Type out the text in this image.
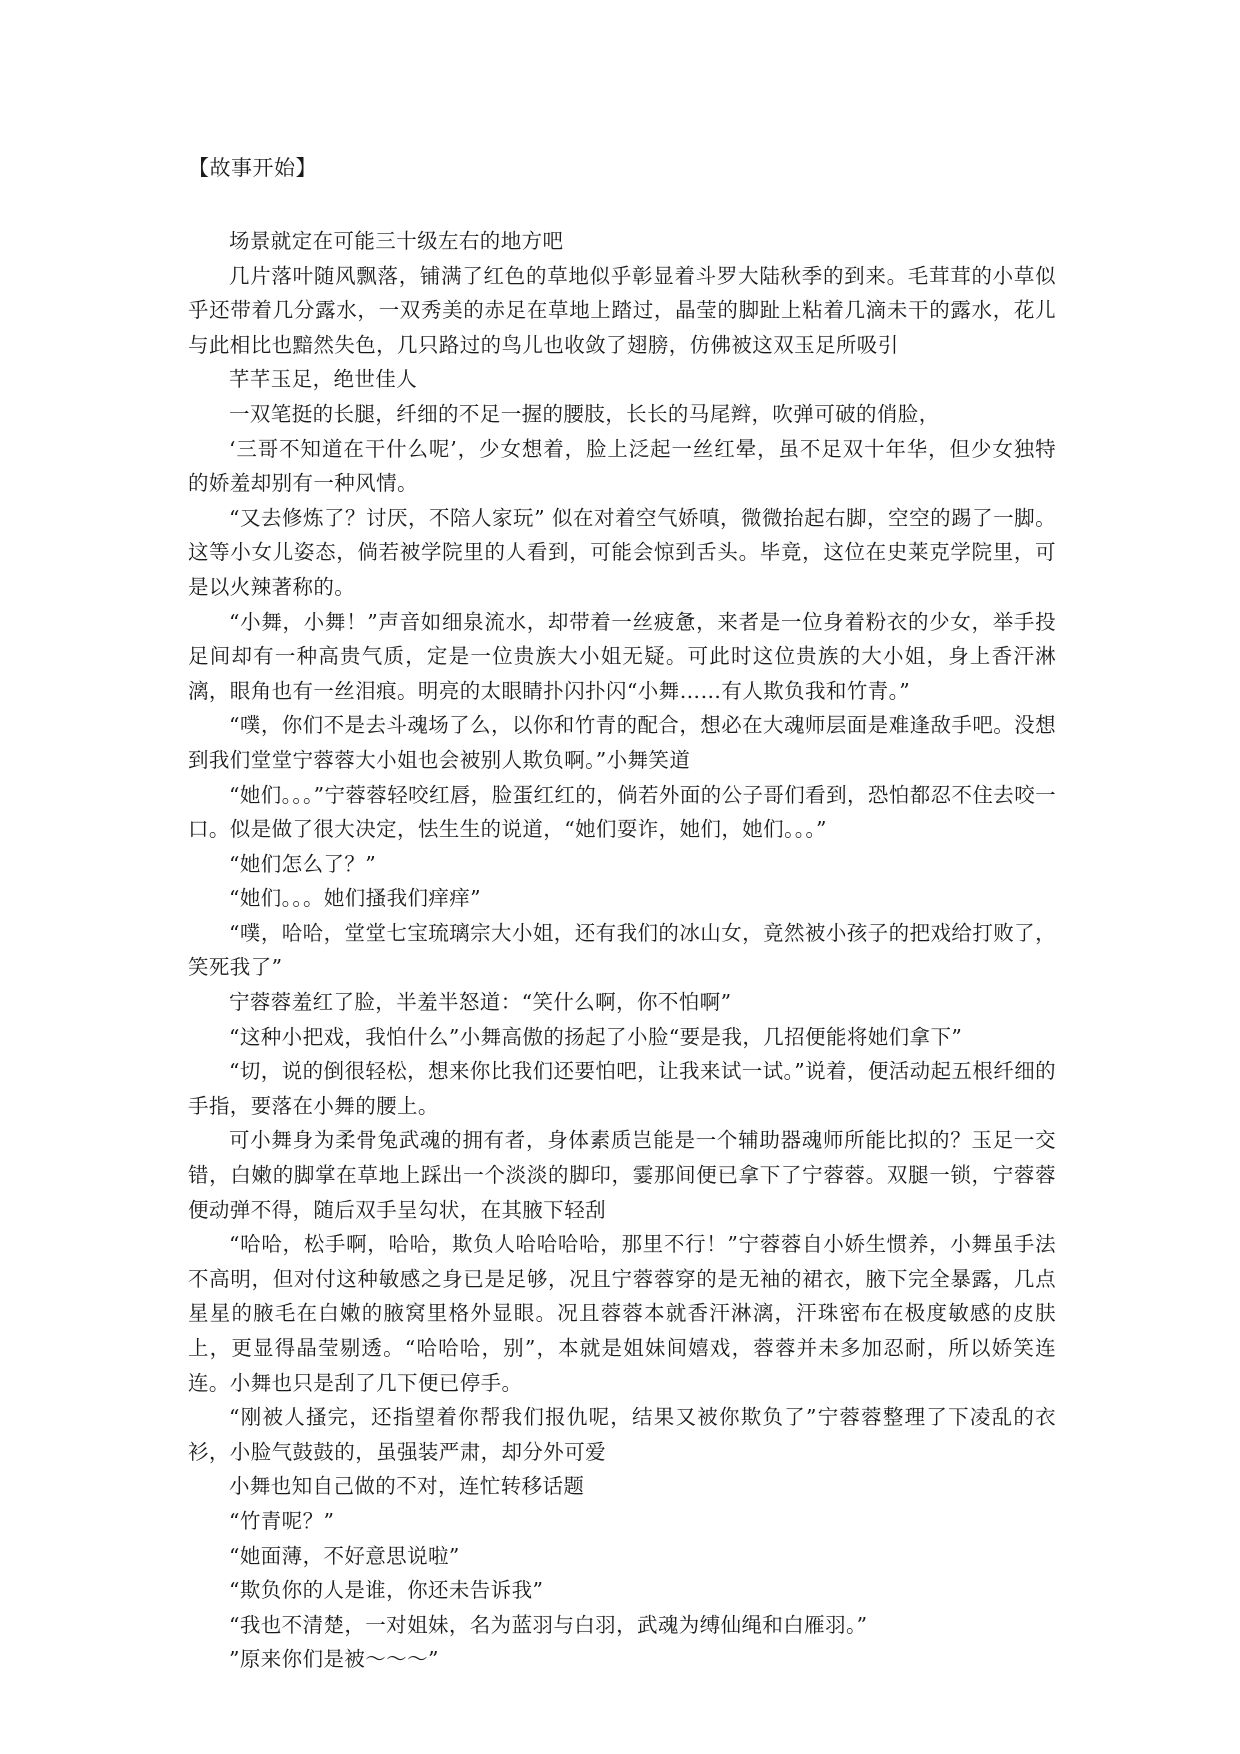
【故事开始】

场景就定在可能三十级左右的地方吧

几片落叶随风飘落，铺满了红色的草地似乎彰显着斗罗大陆秋季的到来。毛茸茸的小草似乎还带着几分露水，一双秀美的赤足在草地上踏过，晶莹的脚趾上粘着几滴未干的露水，花儿与此相比也黯然失色，几只路过的鸟儿也收敛了翅膀，仿佛被这双玉足所吸引

芊芊玉足，绝世佳人

一双笔挺的长腿，纤细的不足一握的腰肢，长长的马尾辫，吹弹可破的俏脸，

‘三哥不知道在干什么呢’，少女想着，脸上泛起一丝红晕，虽不足双十年华，但少女独特的娇羞却别有一种风情。

“又去修炼了？讨厌，不陪人家玩” 似在对着空气娇嗔，微微抬起右脚，空空的踢了一脚。这等小女儿姿态，倘若被学院里的人看到，可能会惊到舌头。毕竟，这位在史莱克学院里，可是以火辣著称的。

“小舞，小舞！”声音如细泉流水，却带着一丝疲惫，来者是一位身着粉衣的少女，举手投足间却有一种高贵气质，定是一位贵族大小姐无疑。可此时这位贵族的大小姐，身上香汗淋漓，眼角也有一丝泪痕。明亮的太眼睛扑闪扑闪“小舞……有人欺负我和竹青。”

“噗，你们不是去斗魂场了么，以你和竹青的配合，想必在大魂师层面是难逢敌手吧。没想到我们堂堂宁蓉蓉大小姐也会被别人欺负啊。”小舞笑道

“她们。。。”宁蓉蓉轻咬红唇，脸蛋红红的，倘若外面的公子哥们看到，恐怕都忍不住去咬一口。似是做了很大决定，怯生生的说道，“她们耍诈，她们，她们。。。”

“她们怎么了？”

“她们。。。她们搔我们痒痒”

“噗，哈哈，堂堂七宝琉璃宗大小姐，还有我们的冰山女，竟然被小孩子的把戏给打败了，笑死我了”

宁蓉蓉羞红了脸，半羞半怒道：“笑什么啊，你不怕啊”

“这种小把戏，我怕什么”小舞高傲的扬起了小脸“要是我，几招便能将她们拿下”

“切，说的倒很轻松，想来你比我们还要怕吧，让我来试一试。”说着，便活动起五根纤细的手指，要落在小舞的腰上。

可小舞身为柔骨兔武魂的拥有者，身体素质岂能是一个辅助器魂师所能比拟的？玉足一交错，白嫩的脚掌在草地上踩出一个淡淡的脚印，霎那间便已拿下了宁蓉蓉。双腿一锁，宁蓉蓉便动弹不得，随后双手呈勾状，在其腋下轻刮

“哈哈，松手啊，哈哈，欺负人哈哈哈哈，那里不行！”宁蓉蓉自小娇生惯养，小舞虽手法不高明，但对付这种敏感之身已是足够，况且宁蓉蓉穿的是无袖的裙衣，腋下完全暴露，几点星星的腋毛在白嫩的腋窝里格外显眼。况且蓉蓉本就香汗淋漓，汗珠密布在极度敏感的皮肤上，更显得晶莹剔透。“哈哈哈，别”，本就是姐妹间嬉戏，蓉蓉并未多加忍耐，所以娇笑连连。小舞也只是刮了几下便已停手。

“刚被人搔完，还指望着你帮我们报仇呢，结果又被你欺负了”宁蓉蓉整理了下凌乱的衣衫，小脸气鼓鼓的，虽强装严肃，却分外可爱

小舞也知自己做的不对，连忙转移话题

“竹青呢？”

“她面薄，不好意思说啦”

“欺负你的人是谁，你还未告诉我”

“我也不清楚，一对姐妹，名为蓝羽与白羽，武魂为缚仙绳和白雁羽。”

”原来你们是被～～～”
